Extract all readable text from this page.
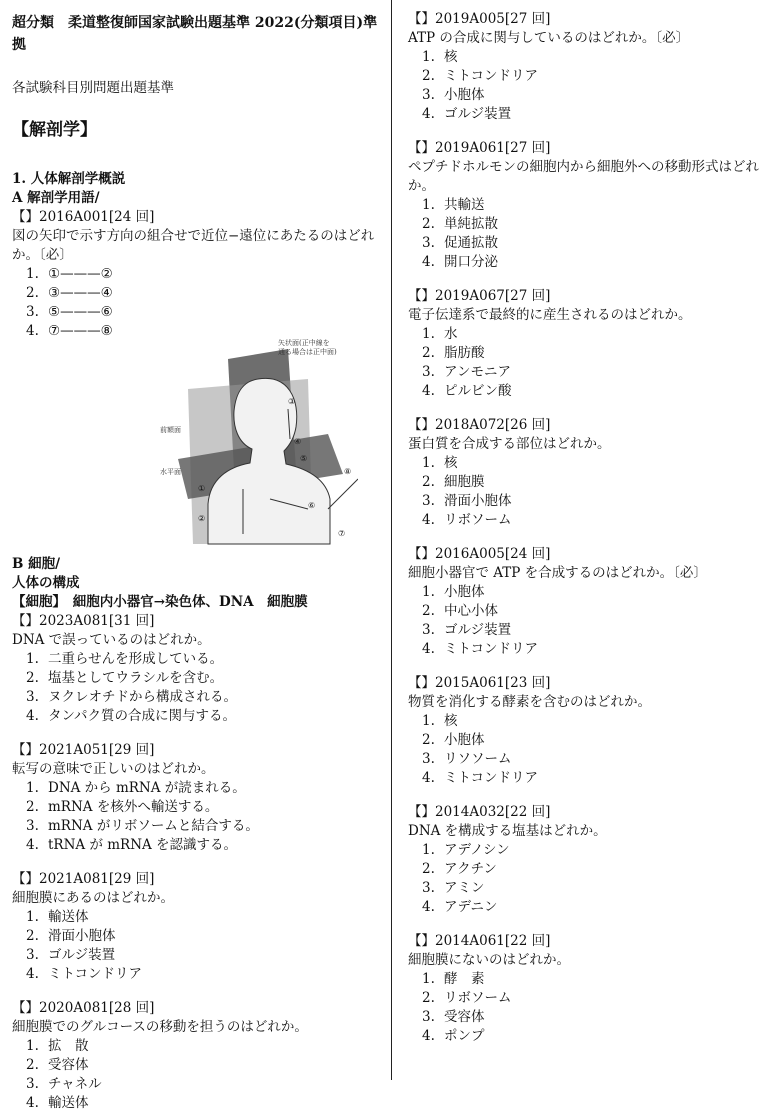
超分類　柔道整復師国家試験出題基準 2022(分類項目)準拠
各試験科目別問題出題基準
【解剖学】
1. 人体解剖学概説
A 解剖学用語/
【】2016A001[24 回]
図の矢印で示す方向の組合せで近位−遠位にあたるのはどれか。〔必〕
1. ①———②
2. ③———④
3. ⑤———⑥
4. ⑦———⑧
矢状面(正中線を
通る場合は正中面)
前額面
水平面
①
②
③
④
⑤
⑥
⑦
⑧
B 細胞/
人体の構成
【細胞】　細胞内小器官→染色体、DNA　細胞膜
【】2023A081[31 回]
DNA で誤っているのはどれか。
1. 二重らせんを形成している。
2. 塩基としてウラシルを含む。
3. ヌクレオチドから構成される。
4. タンパク質の合成に関与する。
【】2021A051[29 回]
転写の意味で正しいのはどれか。
1. DNA から mRNA が読まれる。
2. mRNA を核外へ輸送する。
3. mRNA がリボソームと結合する。
4. tRNA が mRNA を認識する。
【】2021A081[29 回]
細胞膜にあるのはどれか。
1. 輸送体
2. 滑面小胞体
3. ゴルジ装置
4. ミトコンドリア
【】2020A081[28 回]
細胞膜でのグルコースの移動を担うのはどれか。
1. 拡　散
2. 受容体
3. チャネル
4. 輸送体
【】2019A005[27 回]
ATP の合成に関与しているのはどれか。〔必〕
1. 核
2. ミトコンドリア
3. 小胞体
4. ゴルジ装置
【】2019A061[27 回]
ペプチドホルモンの細胞内から細胞外への移動形式はどれか。
1. 共輸送
2. 単純拡散
3. 促通拡散
4. 開口分泌
【】2019A067[27 回]
電子伝達系で最終的に産生されるのはどれか。
1. 水
2. 脂肪酸
3. アンモニア
4. ピルビン酸
【】2018A072[26 回]
蛋白質を合成する部位はどれか。
1. 核
2. 細胞膜
3. 滑面小胞体
4. リボソーム
【】2016A005[24 回]
細胞小器官で ATP を合成するのはどれか。〔必〕
1. 小胞体
2. 中心小体
3. ゴルジ装置
4. ミトコンドリア
【】2015A061[23 回]
物質を消化する酵素を含むのはどれか。
1. 核
2. 小胞体
3. リソソーム
4. ミトコンドリア
【】2014A032[22 回]
DNA を構成する塩基はどれか。
1. アデノシン
2. アクチン
3. アミン
4. アデニン
【】2014A061[22 回]
細胞膜にないのはどれか。
1. 酵　素
2. リボソーム
3. 受容体
4. ポンプ
